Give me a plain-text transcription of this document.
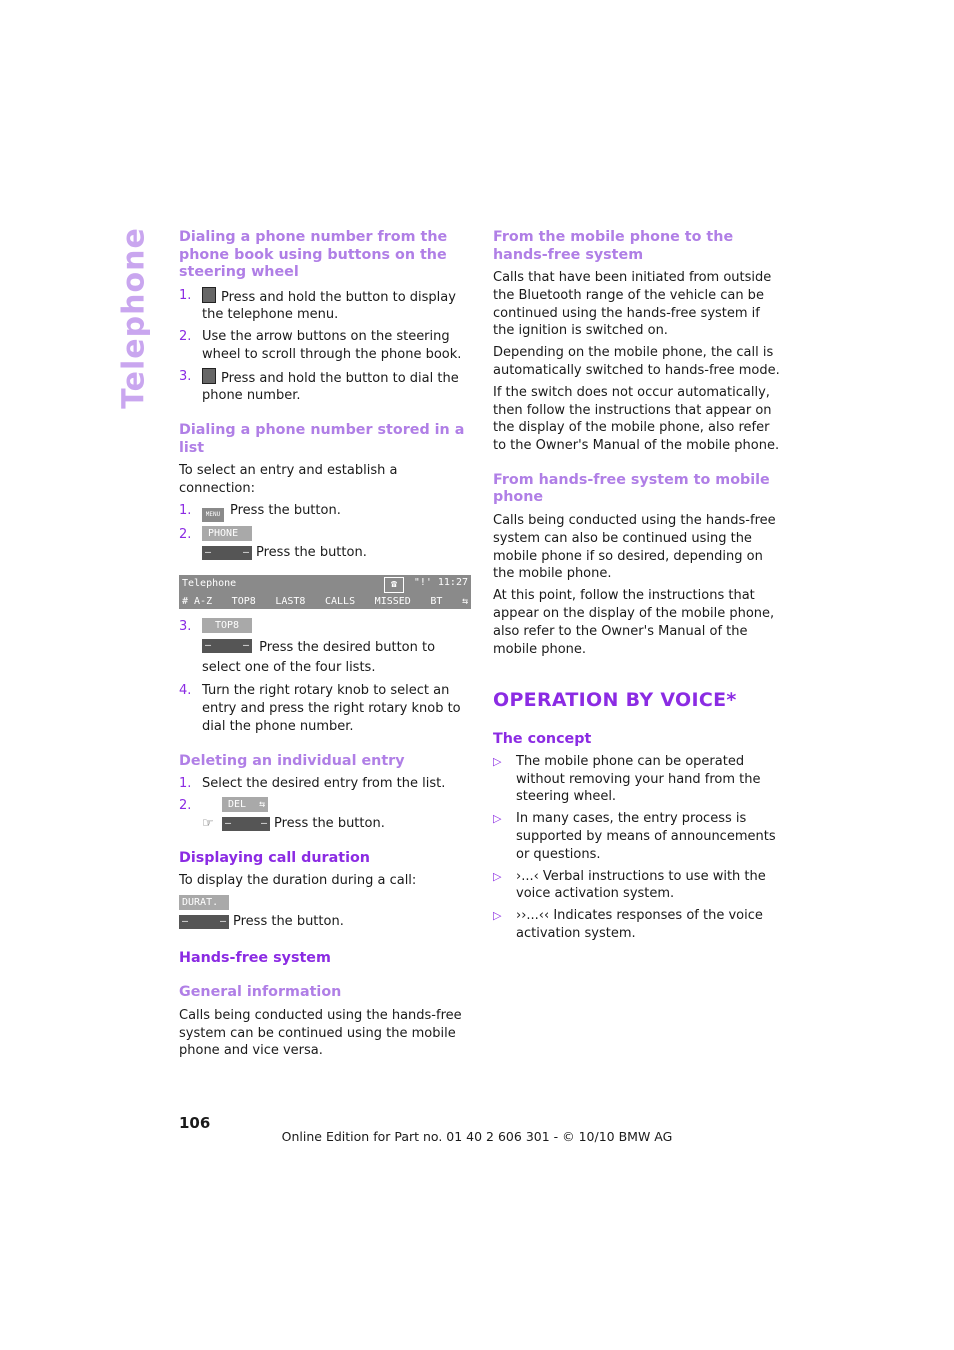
Telephone Dialing a phone number from the phone book using buttons on the steering wheel
1.	Press and hold the button to display the telephone menu.

2. Use the arrow buttons on the steering wheel to scroll through the phone book.

3.	Press and hold the button to dial the phone number.

Dialing a phone number stored in a list

To select an entry and establish a connection:

1.	MENU Press the button.

2.	PHONE
–	– Press the button.
Telephone	☎	"!' 11:27
# A-Z TOP8 LAST8 CALLS MISSED BT ⇆
3.	TOP8
–	– Press the desired button to select one of the four lists.
4. Turn the right rotary knob to select an entry and press the right rotary knob to dial the phone number.

Deleting an individual entry
1. Select the desired entry from the list.

2.	DEL ⇆
☞	–	– Press the button.
Displaying call duration

To display the duration during a call:

DURAT.
–	– Press the button.
Hands-free system
General information

Calls being conducted using the hands-free system can be continued using the mobile phone and vice versa.

From the mobile phone to the hands-free system

Calls that have been initiated from outside the Bluetooth range of the vehicle can be continued using the hands-free system if the ignition is switched on.

Depending on the mobile phone, the call is automatically switched to hands-free mode.

If the switch does not occur automatically, then follow the instructions that appear on the display of the mobile phone, also refer to the Owner's Manual of the mobile phone.

From hands-free system to mobile phone

Calls being conducted using the hands-free system can also be continued using the mobile phone if so desired, depending on the mobile phone.

At this point, follow the instructions that appear on the display of the mobile phone, also refer to the Owner's Manual of the mobile phone.

OPERATION BY VOICE*
The concept
▷ The mobile phone can be operated without removing your hand from the steering wheel.

▷ In many cases, the entry process is supported by means of announcements or questions.

▷ ›...‹ Verbal instructions to use with the voice activation system.

▷ ››...‹‹ Indicates responses of the voice activation system.

106
Online Edition for Part no. 01 40 2 606 301 - © 10/10 BMW AG
